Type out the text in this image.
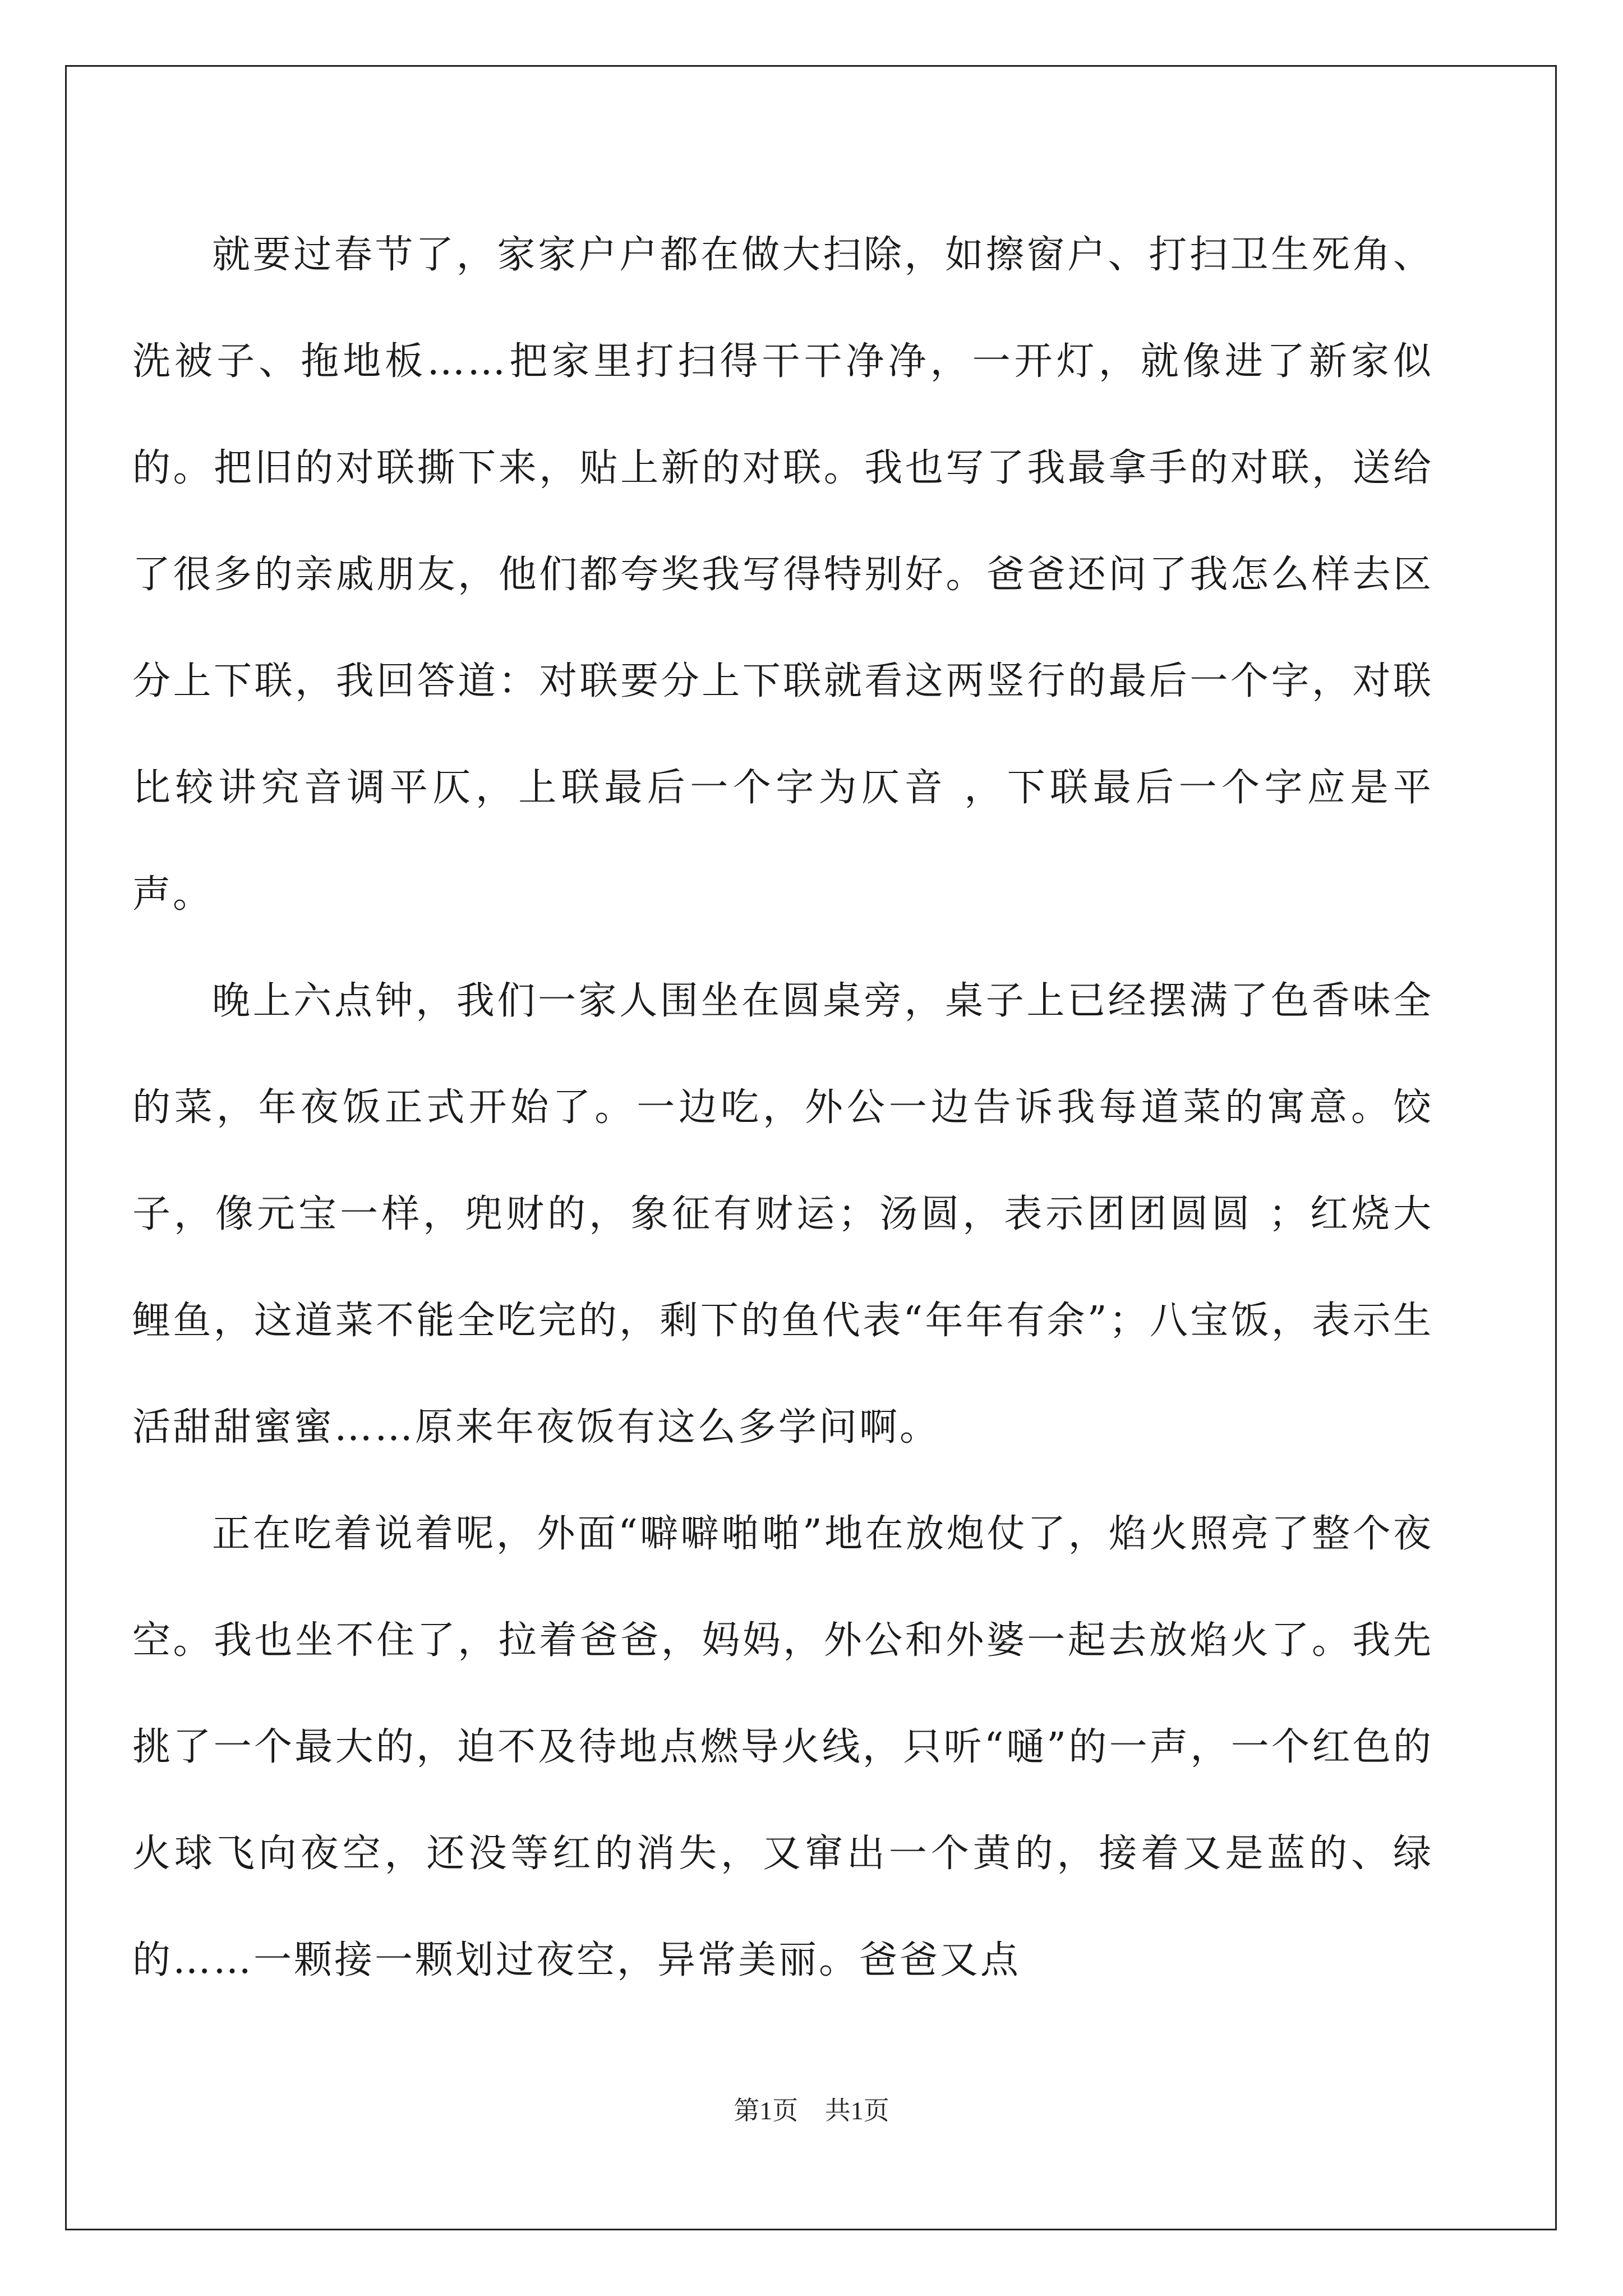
就要过春节了，家家户户都在做大扫除，如擦窗户、打扫卫生死角、洗被子、拖地板……把家里打扫得干干净净，一开灯，就像进了新家似的。把旧的对联撕下来，贴上新的对联。我也写了我最拿手的对联，送给了很多的亲戚朋友，他们都夸奖我写得特别好。爸爸还问了我怎么样去区分上下联，我回答道：对联要分上下联就看这两竖行的最后一个字，对联比较讲究音调平仄，上联最后一个字为仄音 ，下联最后一个字应是平声。

晚上六点钟，我们一家人围坐在圆桌旁，桌子上已经摆满了色香味全的菜，年夜饭正式开始了。一边吃，外公一边告诉我每道菜的寓意。饺子，像元宝一样，兜财的，象征有财运；汤圆，表示团团圆圆 ；红烧大鲤鱼，这道菜不能全吃完的，剩下的鱼代表“年年有余”；八宝饭，表示生活甜甜蜜蜜……原来年夜饭有这么多学问啊。

正在吃着说着呢，外面“噼噼啪啪”地在放炮仗了，焰火照亮了整个夜空。我也坐不住了，拉着爸爸，妈妈，外公和外婆一起去放焰火了。我先挑了一个最大的，迫不及待地点燃导火线，只听“嗵”的一声，一个红色的火球飞向夜空，还没等红的消失，又窜出一个黄的，接着又是蓝的、绿的……一颗接一颗划过夜空，异常美丽。爸爸又点

第1页 共1页
